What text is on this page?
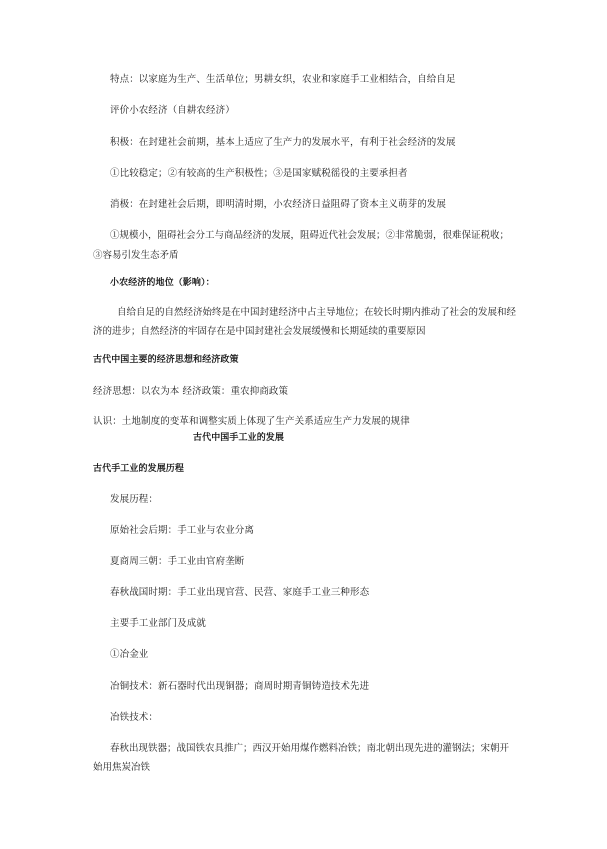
特点：以家庭为生产、生活单位；男耕女织，农业和家庭手工业相结合，自给自足
评价小农经济（自耕农经济）
积极：在封建社会前期，基本上适应了生产力的发展水平，有利于社会经济的发展
①比较稳定；②有较高的生产积极性；③是国家赋税徭役的主要承担者
消极：在封建社会后期，即明清时期，小农经济日益阻碍了资本主义萌芽的发展
①规模小，阻碍社会分工与商品经济的发展，阻碍近代社会发展；②非常脆弱，很难保证税收；③容易引发生态矛盾
小农经济的地位（影响）：
自给自足的自然经济始终是在中国封建经济中占主导地位；在较长时期内推动了社会的发展和经济的进步；自然经济的牢固存在是中国封建社会发展缓慢和长期延续的重要原因
古代中国主要的经济思想和经济政策
经济思想：以农为本 经济政策：重农抑商政策
认识：土地制度的变革和调整实质上体现了生产关系适应生产力发展的规律
古代中国手工业的发展
古代手工业的发展历程
发展历程：
原始社会后期：手工业与农业分离
夏商周三朝：手工业由官府垄断
春秋战国时期：手工业出现官营、民营、家庭手工业三种形态
主要手工业部门及成就
①冶金业
冶铜技术：新石器时代出现铜器；商周时期青铜铸造技术先进
冶铁技术：
春秋出现铁器；战国铁农具推广；西汉开始用煤作燃料冶铁；南北朝出现先进的灌钢法；宋朝开始用焦炭冶铁
